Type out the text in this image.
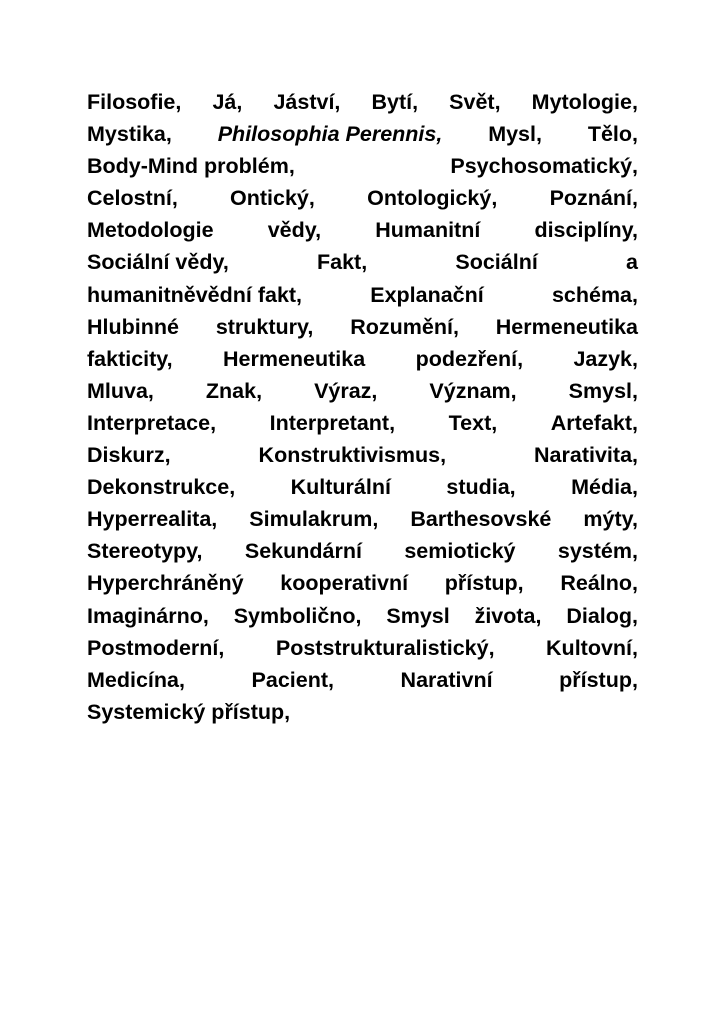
Filosofie, Já, Jáství, Bytí, Svět, Mytologie,
Mystika, Philosophia Perennis, Mysl, Tělo,
Body-Mind problém,	Psychosomatický,
Celostní, Ontický, Ontologický, Poznání,
Metodologie	vědy,	Humanitní	disciplíny,
Sociální vědy,	Fakt,	Sociální	a
humanitněvědní fakt,	Explanační	schéma,
Hlubinné struktury, Rozumění, Hermeneutika
fakticity, Hermeneutika podezření, Jazyk,
Mluva, Znak, Výraz, Význam, Smysl,
Interpretace, Interpretant, Text, Artefakt,
Diskurz,	Konstruktivismus,	Narativita,
Dekonstrukce,	Kulturální	studia,	Média,
Hyperrealita, Simulakrum, Barthesovské mýty,
Stereotypy, Sekundární semiotický systém,
Hyperchráněný kooperativní přístup, Reálno,
Imaginárno, Symbolično, Smysl života, Dialog,
Postmoderní, Poststrukturalistický, Kultovní,
Medicína,	Pacient,	Narativní	přístup,
Systemický přístup,
